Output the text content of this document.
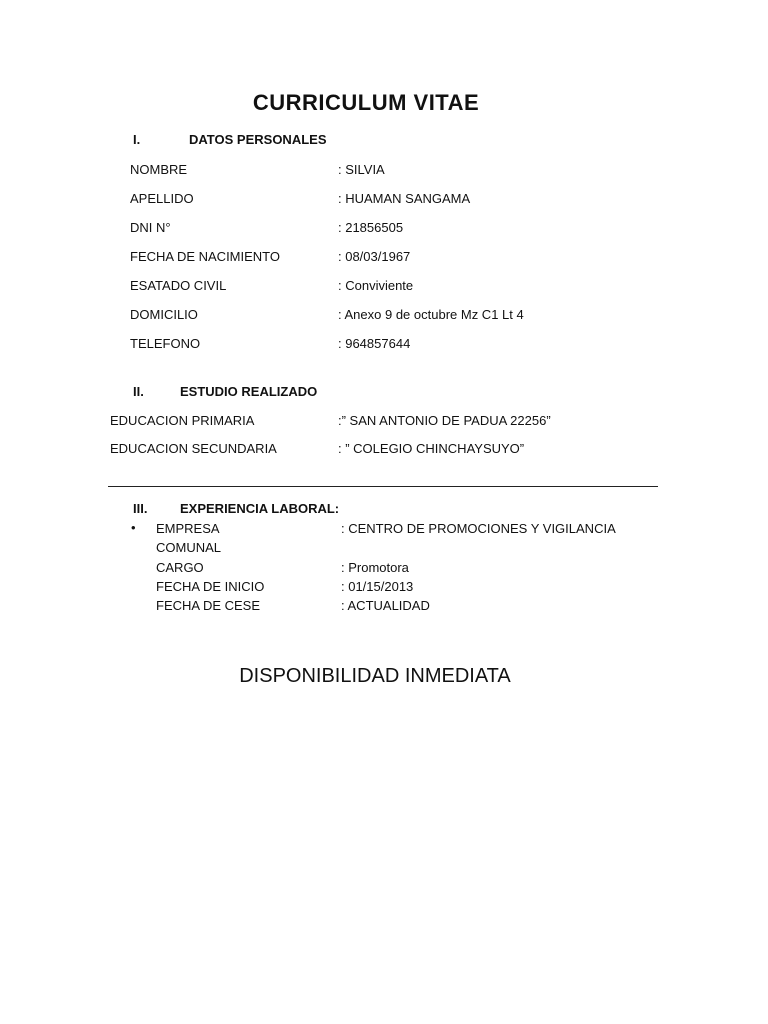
CURRICULUM VITAE
I.	DATOS PERSONALES
NOMBRE	: SILVIA
APELLIDO	: HUAMAN SANGAMA
DNI N°	: 21856505
FECHA DE NACIMIENTO	: 08/03/1967
ESATADO CIVIL	: Conviviente
DOMICILIO	: Anexo 9 de octubre Mz C1 Lt 4
TELEFONO	: 964857644
II.	ESTUDIO REALIZADO
EDUCACION PRIMARIA	:” SAN ANTONIO DE PADUA 22256”
EDUCACION SECUNDARIA	: ” COLEGIO CHINCHAYSUYO”
III.	EXPERIENCIA LABORAL:
• EMPRESA	: CENTRO DE PROMOCIONES Y VIGILANCIA
COMUNAL
CARGO	: Promotora
FECHA DE INICIO	: 01/15/2013
FECHA DE CESE	: ACTUALIDAD
DISPONIBILIDAD INMEDIATA
